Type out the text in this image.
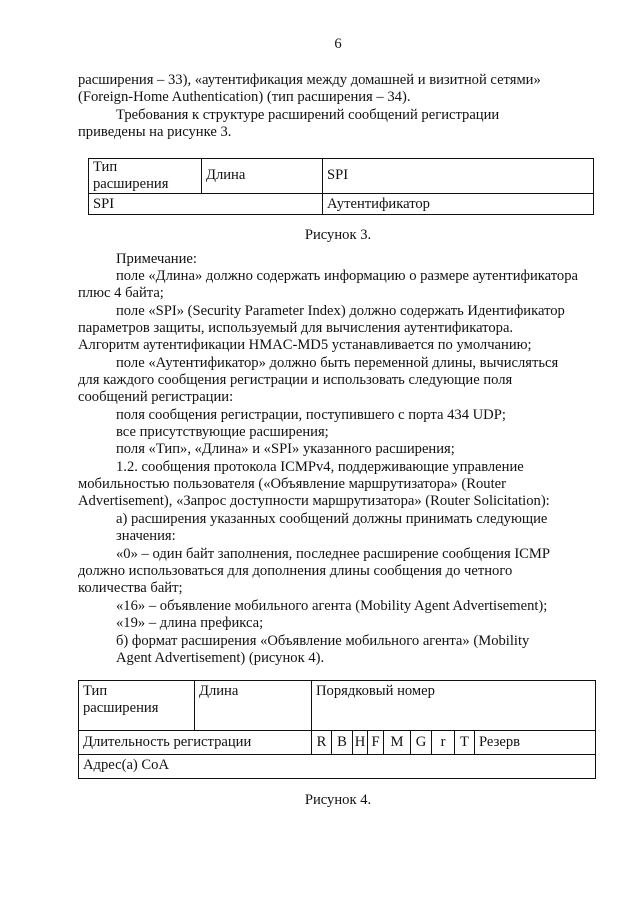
6

расширения – 33), «аутентификация между домашней и визитной сетями»

(Foreign-Home Authentication) (тип расширения – 34).

Требования к структуре расширений сообщений регистрации

приведены на рисунке 3.

Тип
расширения	Длина	SPI
SPI		Аутентификатор
Рисунок 3.

Примечание:

поле «Длина» должно содержать информацию о размере аутентификатора

плюс 4 байта;

поле «SPI» (Security Parameter Index) должно содержать Идентификатор

параметров защиты, используемый для вычисления аутентификатора.

Алгоритм аутентификации HMAC-MD5 устанавливается по умолчанию;

поле «Аутентификатор» должно быть переменной длины, вычисляться

для каждого сообщения регистрации и использовать следующие поля

сообщений регистрации:

поля сообщения регистрации, поступившего с порта 434 UDP;

все присутствующие расширения;

поля «Тип», «Длина» и «SPI» указанного расширения;

1.2. сообщения протокола ICMPv4, поддерживающие управление

мобильностью пользователя («Объявление маршрутизатора» (Router

Advertisement), «Запрос доступности маршрутизатора» (Router Solicitation):

а) расширения указанных сообщений должны принимать следующие

значения:

«0» – один байт заполнения, последнее расширение сообщения ICMP

должно использоваться для дополнения длины сообщения до четного

количества байт;

«16» – объявление мобильного агента (Mobility Agent Advertisement);

«19» – длина префикса;

б) формат расширения «Объявление мобильного агента» (Mobility

Agent Advertisement) (рисунок 4).

Тип
расширения	Длина	Порядковый номер								
Длительность регистрации		R	B	H	F	M	G	r	T	Резерв
Адрес(а) CoA										
Рисунок 4.
